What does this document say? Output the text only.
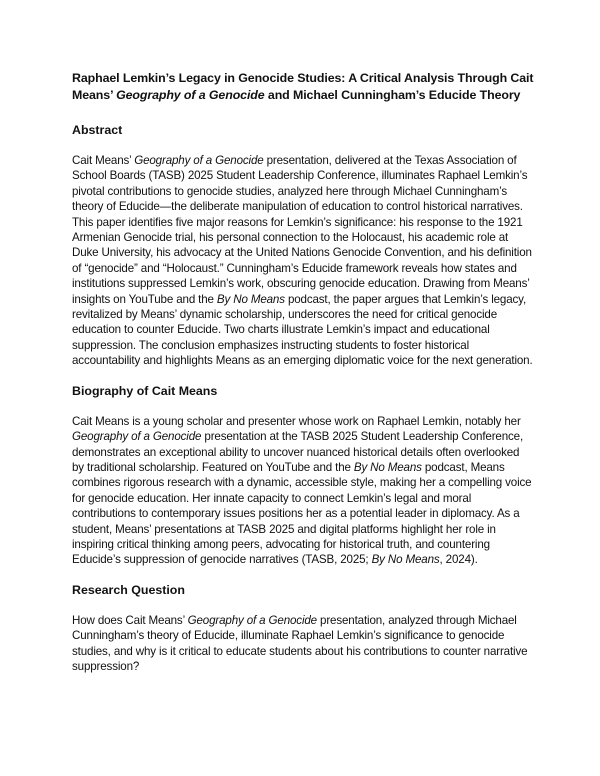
Raphael Lemkin’s Legacy in Genocide Studies: A Critical Analysis Through Cait Means’ Geography of a Genocide and Michael Cunningham’s Educide Theory
Abstract
Cait Means’ Geography of a Genocide presentation, delivered at the Texas Association of School Boards (TASB) 2025 Student Leadership Conference, illuminates Raphael Lemkin’s pivotal contributions to genocide studies, analyzed here through Michael Cunningham’s theory of Educide—the deliberate manipulation of education to control historical narratives. This paper identifies five major reasons for Lemkin’s significance: his response to the 1921 Armenian Genocide trial, his personal connection to the Holocaust, his academic role at Duke University, his advocacy at the United Nations Genocide Convention, and his definition of “genocide” and “Holocaust.” Cunningham’s Educide framework reveals how states and institutions suppressed Lemkin’s work, obscuring genocide education. Drawing from Means’ insights on YouTube and the By No Means podcast, the paper argues that Lemkin’s legacy, revitalized by Means’ dynamic scholarship, underscores the need for critical genocide education to counter Educide. Two charts illustrate Lemkin’s impact and educational suppression. The conclusion emphasizes instructing students to foster historical accountability and highlights Means as an emerging diplomatic voice for the next generation.
Biography of Cait Means
Cait Means is a young scholar and presenter whose work on Raphael Lemkin, notably her Geography of a Genocide presentation at the TASB 2025 Student Leadership Conference, demonstrates an exceptional ability to uncover nuanced historical details often overlooked by traditional scholarship. Featured on YouTube and the By No Means podcast, Means combines rigorous research with a dynamic, accessible style, making her a compelling voice for genocide education. Her innate capacity to connect Lemkin’s legal and moral contributions to contemporary issues positions her as a potential leader in diplomacy. As a student, Means’ presentations at TASB 2025 and digital platforms highlight her role in inspiring critical thinking among peers, advocating for historical truth, and countering Educide’s suppression of genocide narratives (TASB, 2025; By No Means, 2024).
Research Question
How does Cait Means’ Geography of a Genocide presentation, analyzed through Michael Cunningham’s theory of Educide, illuminate Raphael Lemkin’s significance to genocide studies, and why is it critical to educate students about his contributions to counter narrative suppression?
